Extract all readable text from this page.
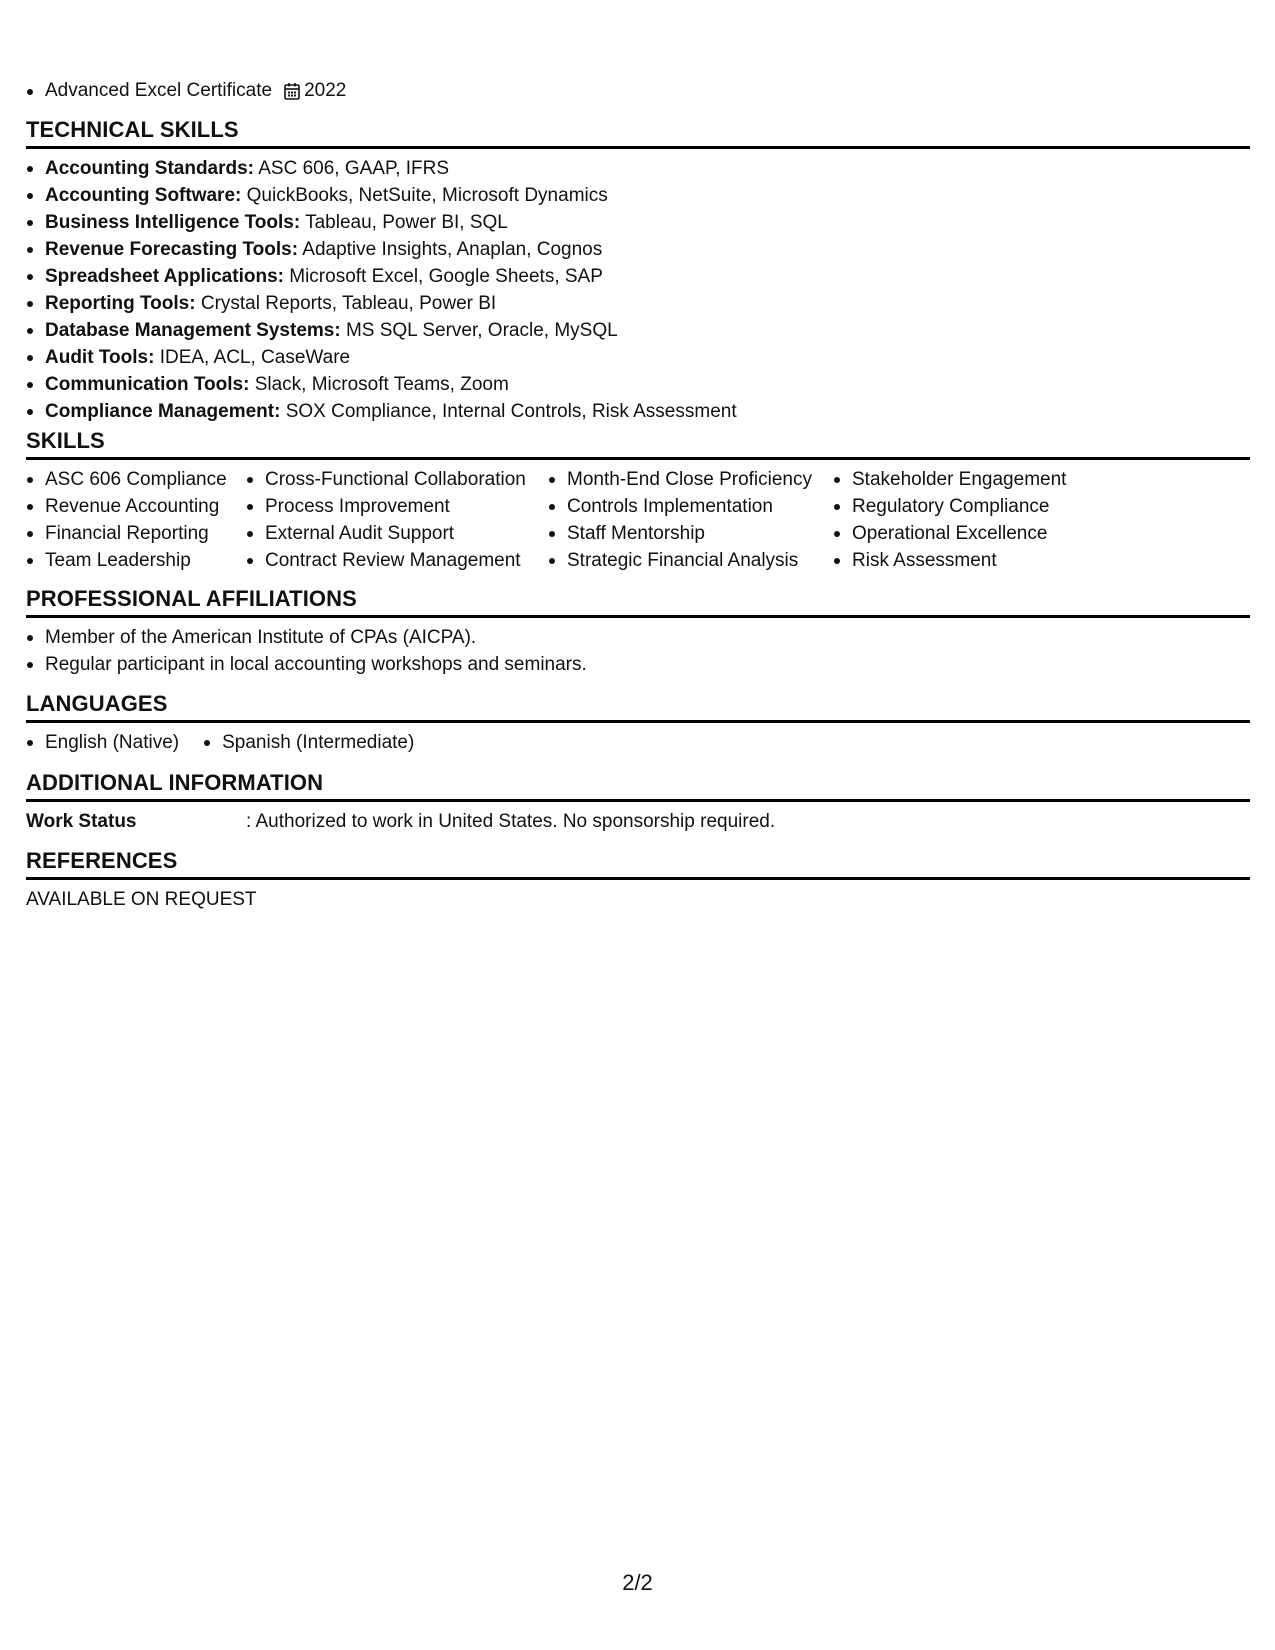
Advanced Excel Certificate 2022
TECHNICAL SKILLS
Accounting Standards: ASC 606, GAAP, IFRS
Accounting Software: QuickBooks, NetSuite, Microsoft Dynamics
Business Intelligence Tools: Tableau, Power BI, SQL
Revenue Forecasting Tools: Adaptive Insights, Anaplan, Cognos
Spreadsheet Applications: Microsoft Excel, Google Sheets, SAP
Reporting Tools: Crystal Reports, Tableau, Power BI
Database Management Systems: MS SQL Server, Oracle, MySQL
Audit Tools: IDEA, ACL, CaseWare
Communication Tools: Slack, Microsoft Teams, Zoom
Compliance Management: SOX Compliance, Internal Controls, Risk Assessment
SKILLS
ASC 606 Compliance
Revenue Accounting
Financial Reporting
Team Leadership
Cross-Functional Collaboration
Process Improvement
External Audit Support
Contract Review Management
Month-End Close Proficiency
Controls Implementation
Staff Mentorship
Strategic Financial Analysis
Stakeholder Engagement
Regulatory Compliance
Operational Excellence
Risk Assessment
PROFESSIONAL AFFILIATIONS
Member of the American Institute of CPAs (AICPA).
Regular participant in local accounting workshops and seminars.
LANGUAGES
English (Native)	Spanish (Intermediate)
ADDITIONAL INFORMATION
Work Status	: Authorized to work in United States. No sponsorship required.
REFERENCES
AVAILABLE ON REQUEST
2/2
